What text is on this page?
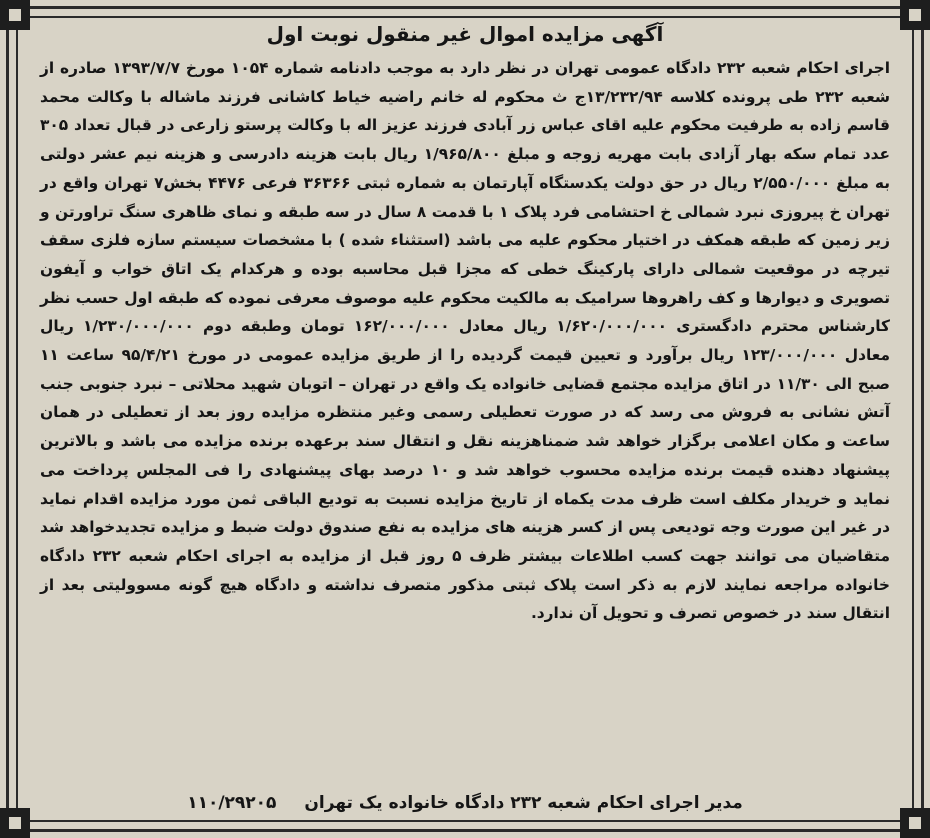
آگهی مزایده اموال غیر منقول نوبت اول

اجرای احکام شعبه ۲۳۲ دادگاه عمومی تهران در نظر دارد به موجب دادنامه شماره ۱۰۵۴ مورخ ۱۳۹۳/۷/۷ صادره از شعبه ۲۳۲ طی پرونده کلاسه ۱۳/۲۳۲/۹۴ج ث محکوم له خانم راضیه خیاط کاشانی فرزند ماشاله با وکالت محمد قاسم زاده به طرفیت محکوم علیه اقای عباس زر آبادی فرزند عزیز اله با وکالت پرستو زارعی در قبال تعداد ۳۰۵ عدد تمام سکه بهار آزادی بابت مهریه زوجه و مبلغ ۱/۹۶۵/۸۰۰ ریال بابت هزینه دادرسی و هزینه نیم عشر دولتی به مبلغ ۲/۵۵۰/۰۰۰ ریال در حق دولت یکدستگاه آپارتمان به شماره ثبتی ۳۶۳۶۶ فرعی ۴۴۷۶ بخش۷ تهران واقع در تهران خ پیروزی نبرد شمالی خ احتشامی فرد پلاک ۱ با قدمت ۸ سال در سه طبقه و نمای ظاهری سنگ تراورتن و زیر زمین که طبقه همکف در اختیار محکوم علیه می باشد (استثناء شده ) با مشخصات سیستم سازه فلزی سقف تیرچه در موقعیت شمالی دارای پارکینگ خطی که مجزا قبل محاسبه بوده و هرکدام یک اتاق خواب و آیفون تصویری و دیوارها و کف راهروها سرامیک به مالکیت محکوم علیه موصوف معرفی نموده که طبقه اول حسب نظر کارشناس محترم دادگستری ۱/۶۲۰/۰۰۰/۰۰۰ ریال معادل ۱۶۲/۰۰۰/۰۰۰ تومان وطبقه دوم ۱/۲۳۰/۰۰۰/۰۰۰ ریال معادل ۱۲۳/۰۰۰/۰۰۰ ریال برآورد و تعیین قیمت گردیده را از طریق مزایده عمومی در مورخ ۹۵/۴/۲۱ ساعت ۱۱ صبح الی ۱۱/۳۰ در اتاق مزایده مجتمع قضایی خانواده یک واقع در تهران – اتوبان شهید محلاتی – نبرد جنوبی جنب آتش نشانی به فروش می رسد که در صورت تعطیلی رسمی وغیر منتظره مزایده روز بعد از تعطیلی در همان ساعت و مکان اعلامی برگزار خواهد شد ضمناهزینه نقل و انتقال سند برعهده برنده مزایده می باشد و بالاترین پیشنهاد دهنده قیمت برنده مزایده محسوب خواهد شد و ۱۰ درصد بهای پیشنهادی را فی المجلس پرداخت می نماید و خریدار مکلف است ظرف مدت یکماه از تاریخ مزایده نسبت به تودیع الباقی ثمن مورد مزایده اقدام نماید در غیر این صورت وجه تودیعی پس از کسر هزینه های مزایده به نفع صندوق دولت ضبط و مزایده تجدیدخواهد شد متقاضیان می توانند جهت کسب اطلاعات بیشتر ظرف ۵ روز قبل از مزایده به اجرای احکام شعبه ۲۳۲ دادگاه خانواده مراجعه نمایند لازم به ذکر است پلاک ثبتی مذکور متصرف نداشته و دادگاه هیچ گونه مسوولیتی بعد از انتقال سند در خصوص تصرف و تحویل آن ندارد.

مدیر اجرای احکام شعبه ۲۳۲ دادگاه خانواده یک تهران
۱۱۰/۲۹۲۰۵
